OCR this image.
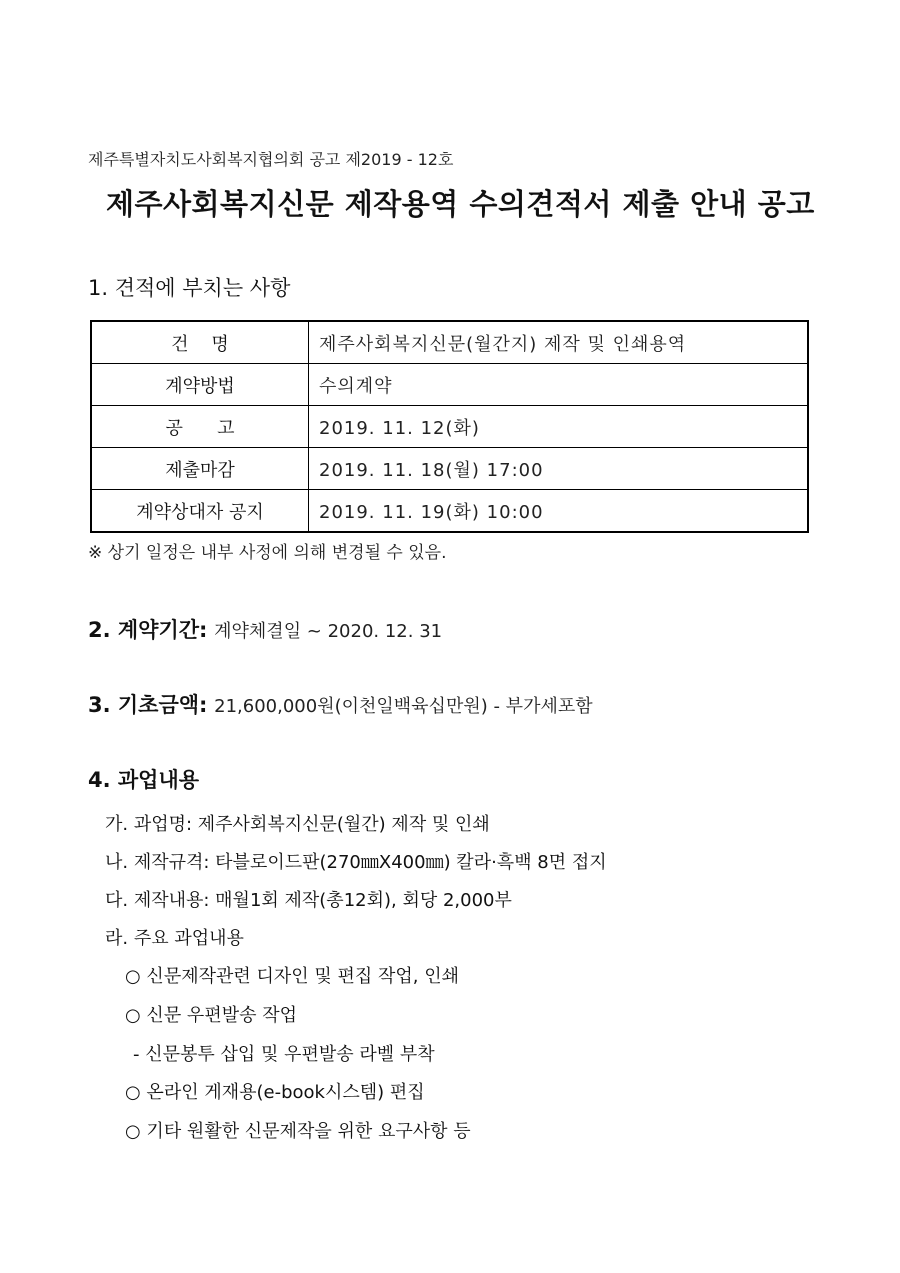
제주특별자치도사회복지협의회 공고 제2019 - 12호
제주사회복지신문 제작용역 수의견적서 제출 안내 공고
1. 견적에 부치는 사항
건    명	제주사회복지신문(월간지) 제작 및 인쇄용역
계약방법	수의계약
공      고	2019. 11. 12(화)
제출마감	2019. 11. 18(월) 17:00
계약상대자 공지	2019. 11. 19(화) 10:00
※ 상기 일정은 내부 사정에 의해 변경될 수 있음.
2. 계약기간: 계약체결일 ~ 2020. 12. 31
3. 기초금액: 21,600,000원(이천일백육십만원) - 부가세포함
4. 과업내용
가. 과업명: 제주사회복지신문(월간) 제작 및 인쇄
나. 제작규격: 타블로이드판(270㎜X400㎜) 칼라·흑백 8면 접지
다. 제작내용: 매월1회 제작(총12회), 회당 2,000부
라. 주요 과업내용
○ 신문제작관련 디자인 및 편집 작업, 인쇄
○ 신문 우편발송 작업
- 신문봉투 삽입 및 우편발송 라벨 부착
○ 온라인 게재용(e-book시스템) 편집
○ 기타 원활한 신문제작을 위한 요구사항 등
